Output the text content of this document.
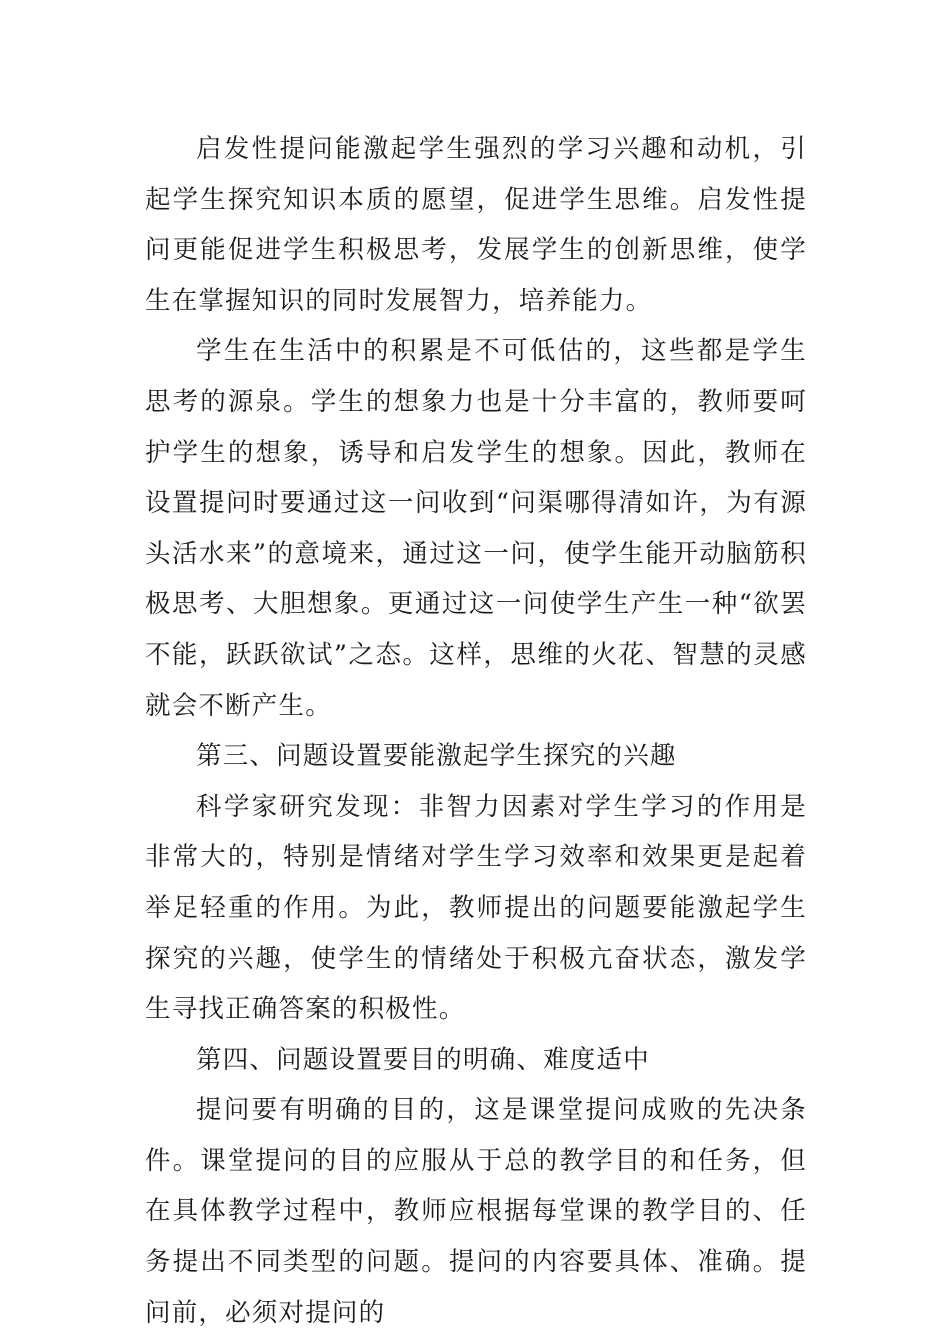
启发性提问能激起学生强烈的学习兴趣和动机，引起学生探究知识本质的愿望，促进学生思维。启发性提问更能促进学生积极思考，发展学生的创新思维，使学生在掌握知识的同时发展智力，培养能力。

学生在生活中的积累是不可低估的，这些都是学生思考的源泉。学生的想象力也是十分丰富的，教师要呵护学生的想象，诱导和启发学生的想象。因此，教师在设置提问时要通过这一问收到“问渠哪得清如许，为有源头活水来”的意境来，通过这一问，使学生能开动脑筋积极思考、大胆想象。更通过这一问使学生产生一种“欲罢不能，跃跃欲试”之态。这样，思维的火花、智慧的灵感就会不断产生。

第三、问题设置要能激起学生探究的兴趣

科学家研究发现：非智力因素对学生学习的作用是非常大的，特别是情绪对学生学习效率和效果更是起着举足轻重的作用。为此，教师提出的问题要能激起学生探究的兴趣，使学生的情绪处于积极亢奋状态，激发学生寻找正确答案的积极性。

第四、问题设置要目的明确、难度适中

提问要有明确的目的，这是课堂提问成败的先决条件。课堂提问的目的应服从于总的教学目的和任务，但在具体教学过程中，教师应根据每堂课的教学目的、任务提出不同类型的问题。提问的内容要具体、准确。提问前，必须对提问的
